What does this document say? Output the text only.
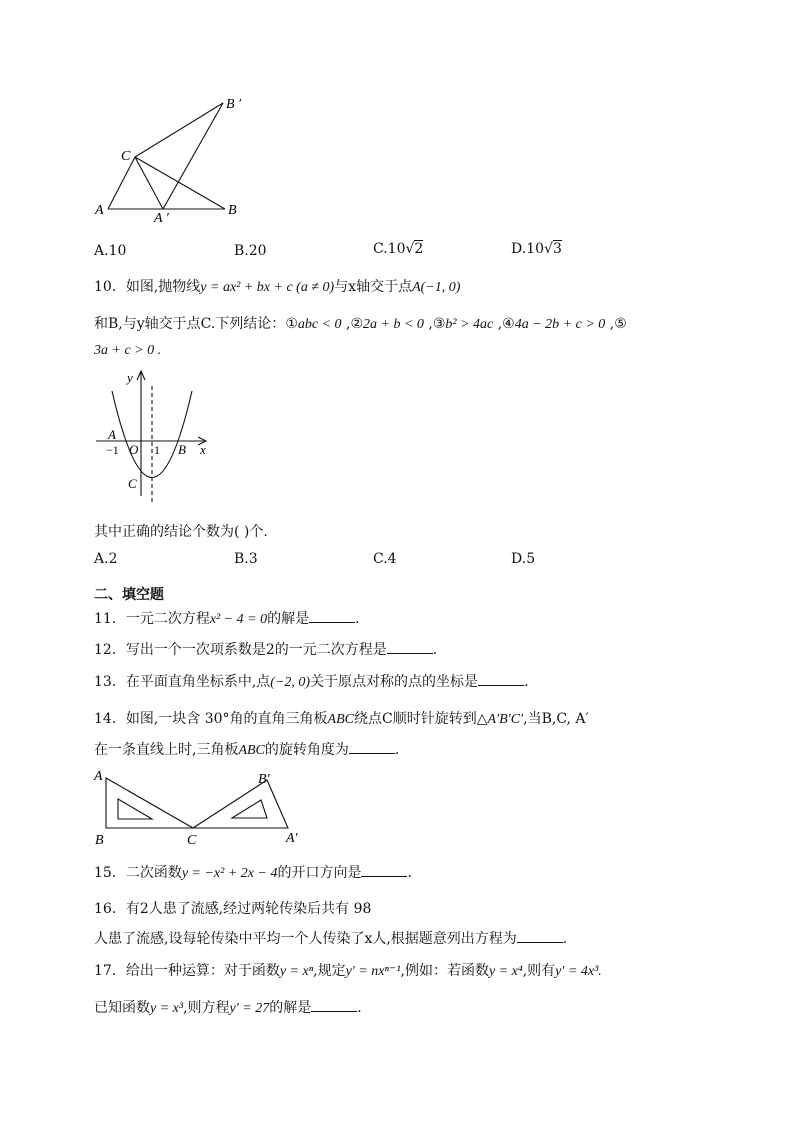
B ′
C
A
A ′
B
A.10	B.20	C.10√2	D.10√3
10．如图,抛物线y = ax² + bx + c (a ≠ 0)与x轴交于点A(−1, 0)
和B,与y轴交于点C.下列结论：①abc < 0 ,②2a + b < 0 ,③b² > 4ac ,④4a − 2b + c > 0 ,⑤
3a + c > 0 .
y
x
A
−1 O 1 B
C
其中正确的结论个数为( )个.
A.2	B.3	C.4	D.5
二、填空题
11．一元二次方程x² − 4 = 0的解是	.
12．写出一个一次项系数是2的一元二次方程是	.
13．在平面直角坐标系中,点(−2, 0)关于原点对称的点的坐标是	.
14．如图,一块含 30°角的直角三角板ABC绕点C顺时针旋转到△A′B′C′,当B,C, A′
在一条直线上时,三角板ABC的旋转角度为	.
A
B	C
B′
A′
15．二次函数y = −x² + 2x − 4的开口方向是	.
16．有2人患了流感,经过两轮传染后共有 98
人患了流感,设每轮传染中平均一个人传染了x人,根据题意列出方程为	.
17．给出一种运算：对于函数y = xⁿ,规定y′ = nxⁿ⁻¹,例如：若函数y = x⁴,则有y′ = 4x³.
已知函数y = x³,则方程y′ = 27的解是	.
